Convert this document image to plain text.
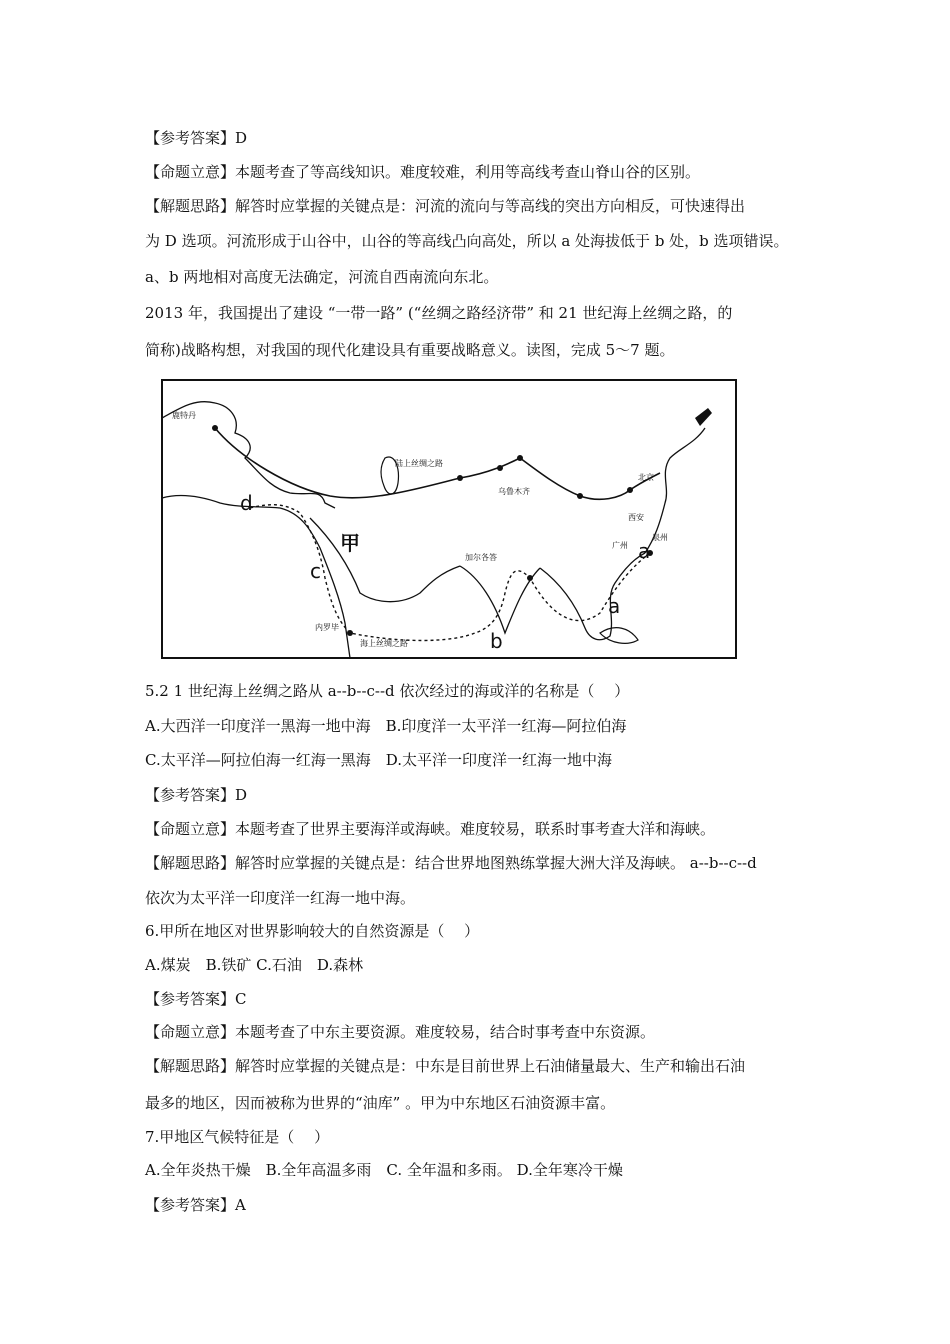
【参考答案】D
【命题立意】本题考查了等高线知识。难度较难，利用等高线考查山脊山谷的区别。
【解题思路】解答时应掌握的关键点是：河流的流向与等高线的突出方向相反，可快速得出
为 D 选项。河流形成于山谷中，山谷的等高线凸向高处，所以 a 处海拔低于 b 处，b 选项错误。
a、b 两地相对高度无法确定，河流自西南流向东北。
2013 年，我国提出了建设 “一带一路” (“丝绸之路经济带” 和 21 世纪海上丝绸之路，的
简称)战略构想，对我国的现代化建设具有重要战略意义。读图，完成 5～7 题。
鹿特丹
陆上丝绸之路
乌鲁木齐
北京
西安
广州
泉州
加尔各答
内罗毕
海上丝绸之路
甲	a
a
b
c
d
5.2 1 世纪海上丝绸之路从 a--b--c--d 依次经过的海或洋的名称是（　 ）
A.大西洋一印度洋一黑海一地中海　B.印度洋一太平洋一红海—阿拉伯海
C.太平洋—阿拉伯海一红海一黑海　D.太平洋一印度洋一红海一地中海
【参考答案】D
【命题立意】本题考查了世界主要海洋或海峡。难度较易，联系时事考查大洋和海峡。
【解题思路】解答时应掌握的关键点是：结合世界地图熟练掌握大洲大洋及海峡。 a--b--c--d
依次为太平洋一印度洋一红海一地中海。
6.甲所在地区对世界影响较大的自然资源是（　 ）
A.煤炭　B.铁矿 C.石油　D.森林
【参考答案】C
【命题立意】本题考查了中东主要资源。难度较易，结合时事考查中东资源。
【解题思路】解答时应掌握的关键点是：中东是目前世界上石油储量最大、生产和输出石油
最多的地区，因而被称为世界的“油库” 。甲为中东地区石油资源丰富。
7.甲地区气候特征是（　 ）
A.全年炎热干燥　B.全年高温多雨　C. 全年温和多雨。 D.全年寒冷干燥
【参考答案】A
